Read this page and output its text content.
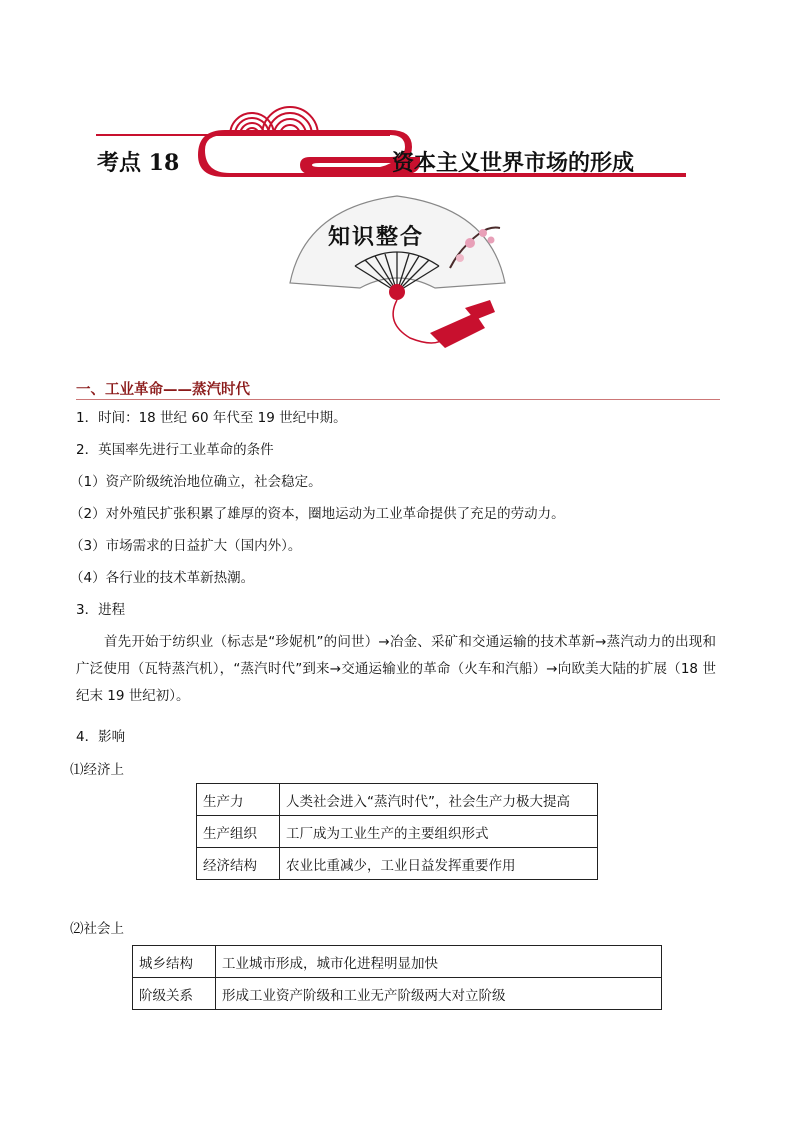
考点 18	资本主义世界市场的形成
知识整合
一、工业革命——蒸汽时代
1．时间：18 世纪 60 年代至 19 世纪中期。
2．英国率先进行工业革命的条件
（1）资产阶级统治地位确立，社会稳定。
（2）对外殖民扩张积累了雄厚的资本，圈地运动为工业革命提供了充足的劳动力。
（3）市场需求的日益扩大（国内外）。
（4）各行业的技术革新热潮。
3．进程
首先开始于纺织业（标志是“珍妮机”的问世）→冶金、采矿和交通运输的技术革新→蒸汽动力的出现和广泛使用（瓦特蒸汽机），“蒸汽时代”到来→交通运输业的革命（火车和汽船）→向欧美大陆的扩展（18 世纪末 19 世纪初）。
4．影响
⑴经济上
生产力	人类社会进入“蒸汽时代”，社会生产力极大提高
生产组织	工厂成为工业生产的主要组织形式
经济结构	农业比重减少，工业日益发挥重要作用
⑵社会上
城乡结构	工业城市形成，城市化进程明显加快
阶级关系	形成工业资产阶级和工业无产阶级两大对立阶级
